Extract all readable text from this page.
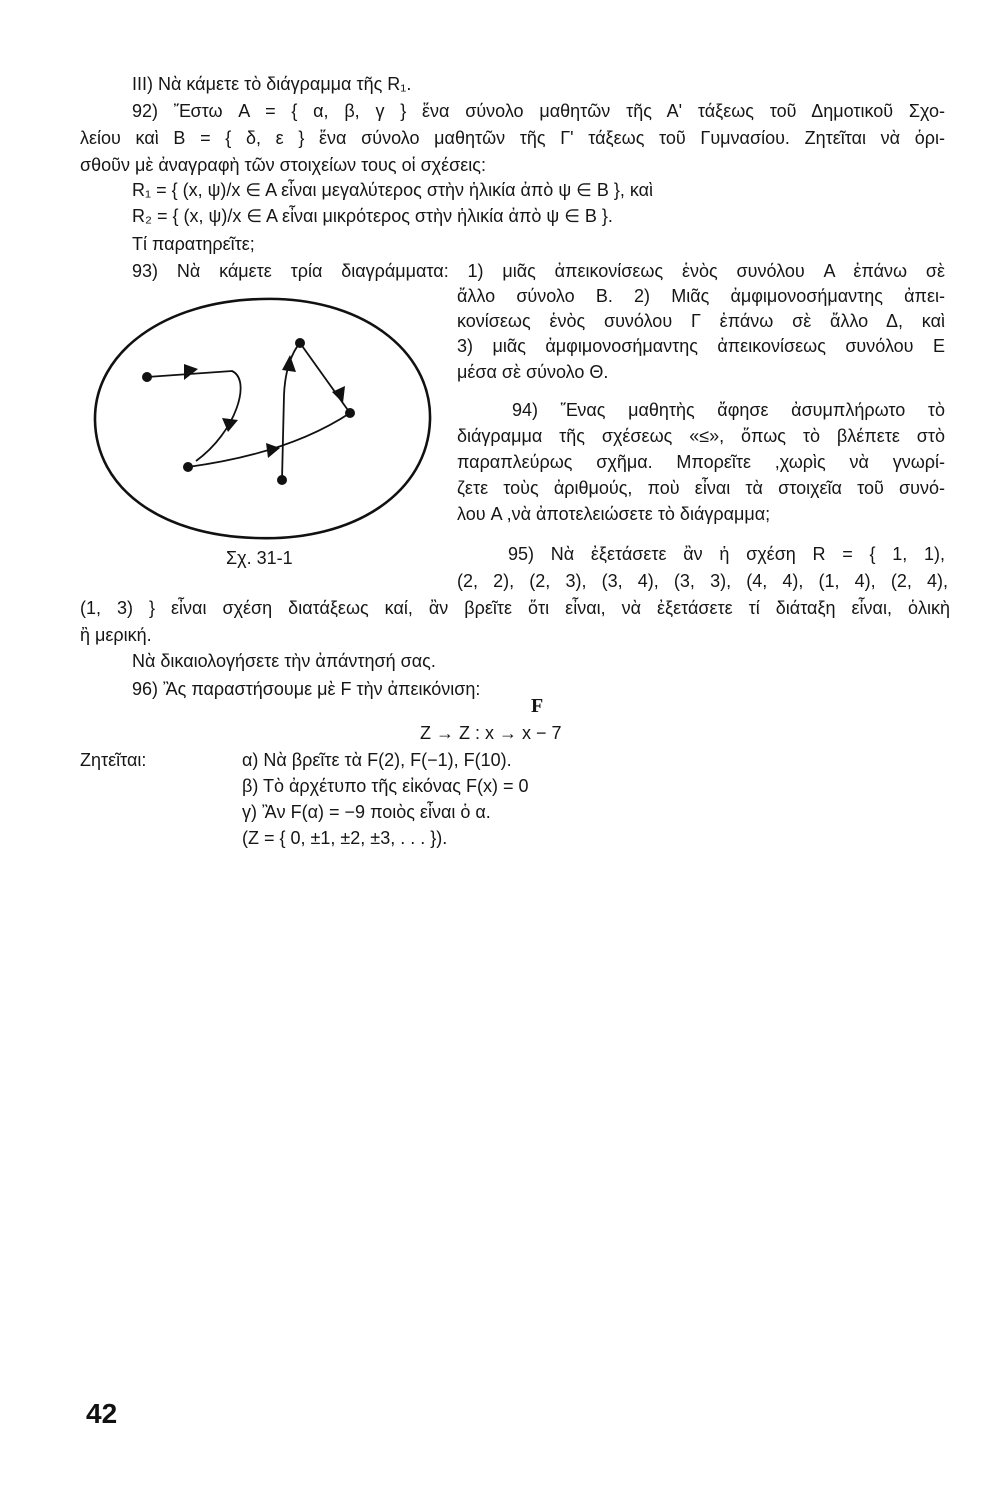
ΙΙΙ) Νὰ κάμετε τὸ διάγραμμα τῆς R₁.
92) Ἔστω A = { α, β, γ } ἕνα σύνολο μαθητῶν τῆς Α' τάξεως τοῦ Δημοτικοῦ Σχο-
λείου καὶ B = { δ, ε } ἕνα σύνολο μαθητῶν τῆς Γ' τάξεως τοῦ Γυμνασίου. Ζητεῖται νὰ ὁρι-
σθοῦν μὲ ἀναγραφὴ τῶν στοιχείων τους οἱ σχέσεις:
R₁ = { (x, ψ)/x ∈ A εἶναι μεγαλύτερος στὴν ἡλικία ἀπὸ ψ ∈ B }, καὶ
R₂ = { (x, ψ)/x ∈ A εἶναι μικρότερος στὴν ἡλικία ἀπὸ ψ ∈ B }.
Τί παρατηρεῖτε;
93) Νὰ κάμετε τρία διαγράμματα: 1) μιᾶς ἀπεικονίσεως ἑνὸς συνόλου A ἐπάνω σὲ
ἄλλο σύνολο B. 2) Μιᾶς ἀμφιμονοσήμαντης ἀπει-
κονίσεως ἑνὸς συνόλου Γ ἐπάνω σὲ ἄλλο Δ, καὶ
3) μιᾶς ἀμφιμονοσήμαντης ἀπεικονίσεως συνόλου E
μέσα σὲ σύνολο Θ.
94) Ἕνας μαθητὴς ἄφησε ἀσυμπλήρωτο τὸ
διάγραμμα τῆς σχέσεως «≤», ὅπως τὸ βλέπετε στὸ
παραπλεύρως σχῆμα. Μπορεῖτε ,χωρὶς νὰ γνωρί-
ζετε τοὺς ἀριθμούς, ποὺ εἶναι τὰ στοιχεῖα τοῦ συνό-
λου A ,νὰ ἀποτελειώσετε τὸ διάγραμμα;
Σχ. 31-1	95) Νὰ ἐξετάσετε ἂν ἡ σχέση R = { 1, 1),
(2, 2), (2, 3), (3, 4), (3, 3), (4, 4), (1, 4), (2, 4),
(1, 3) } εἶναι σχέση διατάξεως καί, ἂν βρεῖτε ὅτι εἶναι, νὰ ἐξετάσετε τί διάταξη εἶναι, ὁλικὴ
ἢ μερική.
Νὰ δικαιολογήσετε τὴν ἀπάντησή σας.
96) Ἂς παραστήσουμε μὲ F τὴν ἀπεικόνιση:
F
Z → Z : x → x − 7
Ζητεῖται:	α) Νὰ βρεῖτε τὰ F(2), F(−1), F(10).
β) Τὸ ἀρχέτυπο τῆς εἰκόνας F(x) = 0
γ) Ἂν F(α) = −9 ποιὸς εἶναι ὁ α.
(Z = { 0, ±1, ±2, ±3, . . . }).
42
